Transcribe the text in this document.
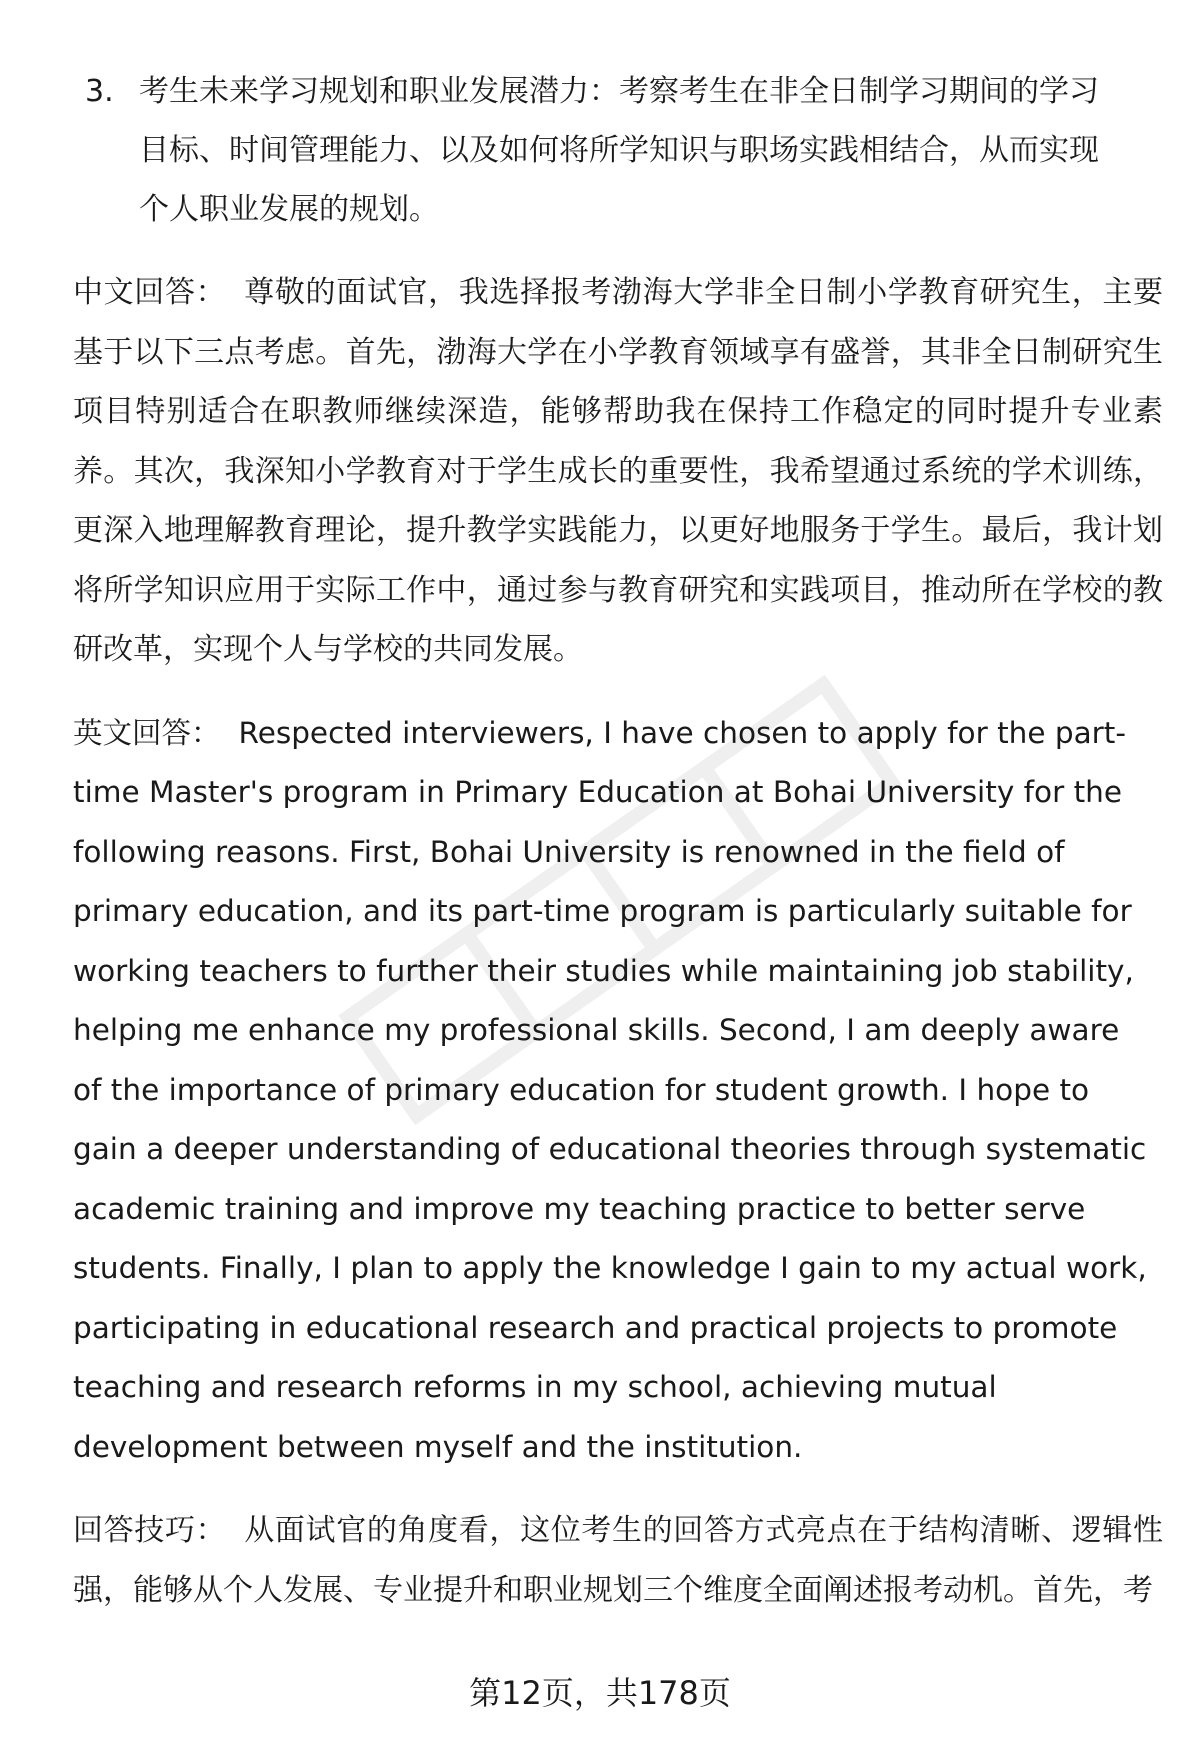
3. 考生未来学习规划和职业发展潜力：考察考生在非全日制学习期间的学习目标、时间管理能力、以及如何将所学知识与职场实践相结合，从而实现个人职业发展的规划。

中文回答： 尊敬的面试官，我选择报考渤海大学非全日制小学教育研究生，主要基于以下三点考虑。首先，渤海大学在小学教育领域享有盛誉，其非全日制研究生项目特别适合在职教师继续深造，能够帮助我在保持工作稳定的同时提升专业素养。其次，我深知小学教育对于学生成长的重要性，我希望通过系统的学术训练，更深入地理解教育理论，提升教学实践能力，以更好地服务于学生。最后，我计划将所学知识应用于实际工作中，通过参与教育研究和实践项目，推动所在学校的教研改革，实现个人与学校的共同发展。

英文回答： Respected interviewers, I have chosen to apply for the part-time Master's program in Primary Education at Bohai University for the following reasons. First, Bohai University is renowned in the field of primary education, and its part-time program is particularly suitable for working teachers to further their studies while maintaining job stability, helping me enhance my professional skills. Second, I am deeply aware of the importance of primary education for student growth. I hope to gain a deeper understanding of educational theories through systematic academic training and improve my teaching practice to better serve students. Finally, I plan to apply the knowledge I gain to my actual work, participating in educational research and practical projects to promote teaching and research reforms in my school, achieving mutual development between myself and the institution.

回答技巧： 从面试官的角度看，这位考生的回答方式亮点在于结构清晰、逻辑性强，能够从个人发展、专业提升和职业规划三个维度全面阐述报考动机。首先，考

第12页，共178页
